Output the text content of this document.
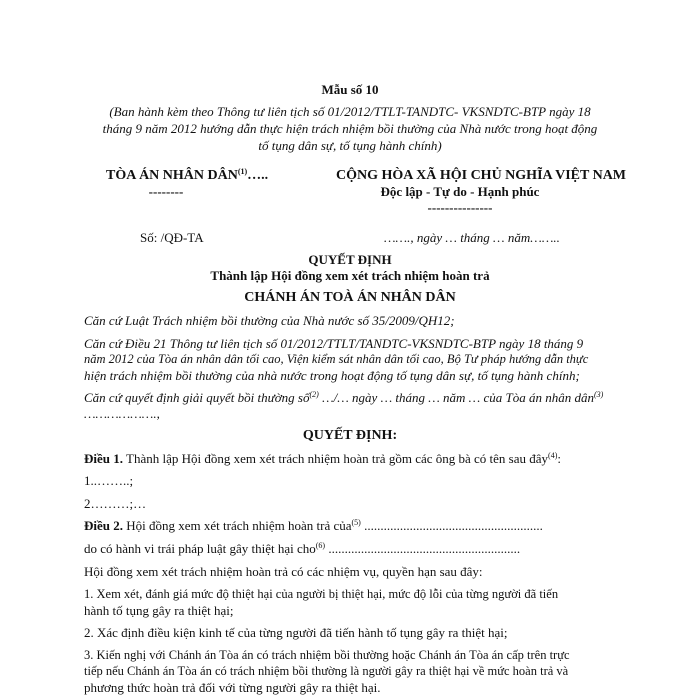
Mẫu số 10
(Ban hành kèm theo Thông tư liên tịch số 01/2012/TTLT-TANDTC- VKSNDTC-BTP ngày 18
tháng 9 năm 2012 hướng dẫn thực hiện trách nhiệm bồi thường của Nhà nước trong hoạt động
tố tụng dân sự, tố tụng hành chính)
TÒA ÁN NHÂN DÂN$^{(1)}$…..
--------
CỘNG HÒA XÃ HỘI CHỦ NGHĨA VIỆT NAM
Độc lập - Tự do - Hạnh phúc
---------------
Số: /QĐ-TA	……., ngày … tháng … năm……..
QUYẾT ĐỊNH
Thành lập Hội đồng xem xét trách nhiệm hoàn trả
CHÁNH ÁN TOÀ ÁN NHÂN DÂN
Căn cứ Luật Trách nhiệm bồi thường của Nhà nước số 35/2009/QH12;
Căn cứ Điều 21 Thông tư liên tịch số 01/2012/TTLT/TANDTC-VKSNDTC-BTP ngày 18 tháng 9
năm 2012 của Tòa án nhân dân tối cao, Viện kiểm sát nhân dân tối cao, Bộ Tư pháp hướng dẫn thực
hiện trách nhiệm bồi thường của nhà nước trong hoạt động tố tụng dân sự, tố tụng hành chính;
Căn cứ quyết định giải quyết bồi thường số$^{(2)}$ …/… ngày … tháng … năm … của Tòa án nhân dân$^{(3)}$
……………….,
QUYẾT ĐỊNH:
Điều 1. Thành lập Hội đồng xem xét trách nhiệm hoàn trả gồm các ông bà có tên sau đây$^{(4)}$:
1..……..;
2………;…
Điều 2. Hội đồng xem xét trách nhiệm hoàn trả của$^{(5)}$ .......................................................
do có hành vi trái pháp luật gây thiệt hại cho$^{(6)}$ ...........................................................
Hội đồng xem xét trách nhiệm hoàn trả có các nhiệm vụ, quyền hạn sau đây:
1. Xem xét, đánh giá mức độ thiệt hại của người bị thiệt hại, mức độ lỗi của từng người đã tiến
hành tố tụng gây ra thiệt hại;
2. Xác định điều kiện kinh tế của từng người đã tiến hành tố tụng gây ra thiệt hại;
3. Kiến nghị với Chánh án Tòa án có trách nhiệm bồi thường hoặc Chánh án Tòa án cấp trên trực
tiếp nếu Chánh án Tòa án có trách nhiệm bồi thường là người gây ra thiệt hại về mức hoàn trả và
phương thức hoàn trả đối với từng người gây ra thiệt hại.
